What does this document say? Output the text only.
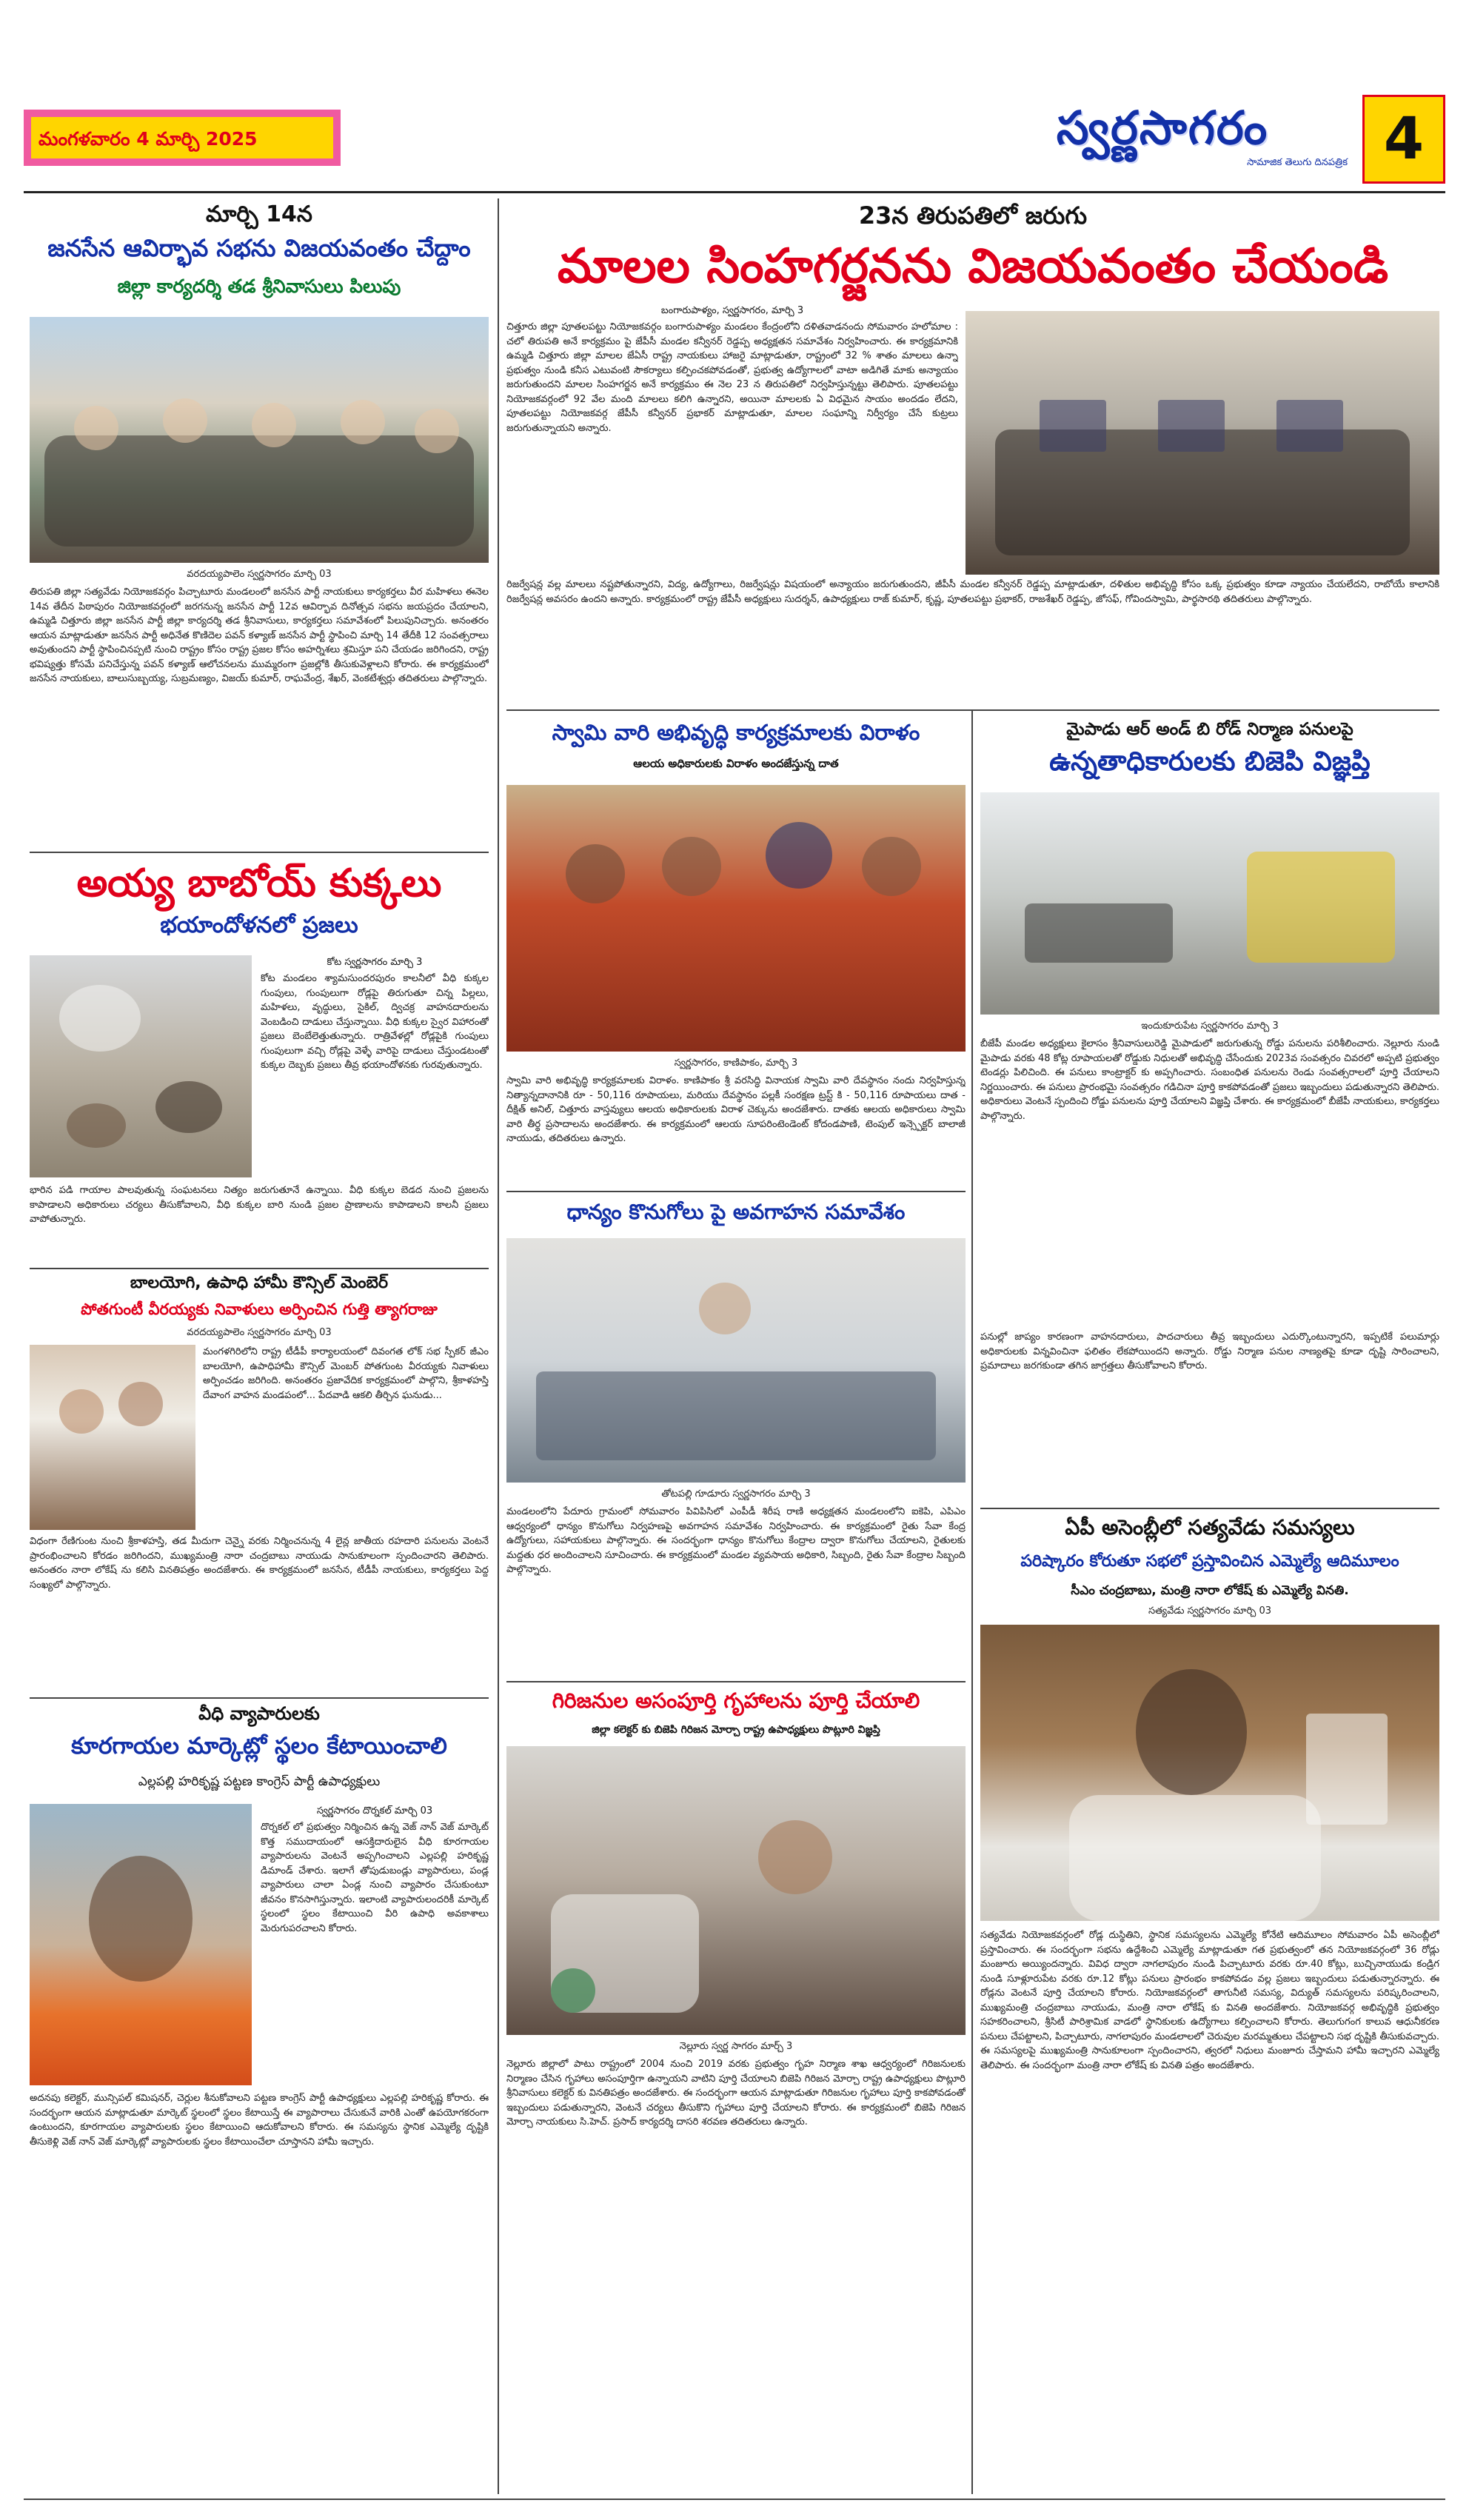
మంగళవారం 4 మార్చి 2025	స్వర్ణసాగరం
సామాజిక తెలుగు దినపత్రిక 4
మార్చి 14న
జనసేన ఆవిర్భావ సభను విజయవంతం చేద్దాం
జిల్లా కార్యదర్శి తడ శ్రీనివాసులు పిలుపు
వరదయ్యపాలెం స్వర్ణసాగరం మార్చి 03
తిరుపతి జిల్లా సత్యవేడు నియోజకవర్గం పిచ్చాటూరు మండలంలో జనసేన పార్టీ నాయకులు కార్యకర్తలు వీర మహిళలు ఈనెల 14వ తేదీన పిఠాపురం నియోజకవర్గంలో జరగనున్న జనసేన పార్టీ 12వ ఆవిర్భావ దినోత్సవ సభను జయప్రదం చేయాలని, ఉమ్మడి చిత్తూరు జిల్లా జనసేన పార్టీ జిల్లా కార్యదర్శి తడ శ్రీనివాసులు, కార్యకర్తలు సమావేశంలో పిలుపునిచ్చారు. అనంతరం ఆయన మాట్లాడుతూ జనసేన పార్టీ అధినేత కొణిదెల పవన్ కళ్యాణ్ జనసేన పార్టీ స్థాపించి మార్చి 14 తేదీకి 12 సంవత్సరాలు అవుతుందని పార్టీ స్థాపించినప్పటి నుంచి రాష్ట్రం కోసం రాష్ట్ర ప్రజల కోసం అహర్నిశలు శ్రమిస్తూ పని చేయడం జరిగిందని, రాష్ట్ర భవిష్యత్తు కోసమే పనిచేస్తున్న పవన్ కళ్యాణ్ ఆలోచనలను ముమ్మరంగా ప్రజల్లోకి తీసుకువెళ్లాలని కోరారు. ఈ కార్యక్రమంలో జనసేన నాయకులు, బాలుసుబ్బయ్య, సుబ్రమణ్యం, విజయ్ కుమార్, రాఘవేంద్ర, శేఖర్, వెంకటేశ్వర్లు తదితరులు పాల్గొన్నారు.
అయ్య బాబోయ్ కుక్కలు
భయాందోళనలో ప్రజలు
కోట స్వర్ణసాగరం మార్చి 3
కోట మండలం శ్యామసుందరపురం కాలనీలో వీధి కుక్కల గుంపులు, గుంపులుగా రోడ్లపై తిరుగుతూ చిన్న పిల్లలు, మహిళలు, వృద్ధులు, సైకిల్, ద్విచక్ర వాహనదారులను వెంబడించి దాడులు చేస్తున్నాయి. వీధి కుక్కల స్వైర విహారంతో ప్రజలు బెంబేలెత్తుతున్నారు. రాత్రివేళల్లో రోడ్లపైకి గుంపులు గుంపులుగా వచ్చి రోడ్లపై వెళ్ళే వారిపై దాడులు చేస్తుండటంతో కుక్కల దెబ్బకు ప్రజలు తీవ్ర భయాందోళనకు గురవుతున్నారు.
భారిన పడి గాయాల పాలవుతున్న సంఘటనలు నిత్యం జరుగుతూనే ఉన్నాయి. వీధి కుక్కల బెడద నుంచి ప్రజలను కాపాడాలని అధికారులు చర్యలు తీసుకోవాలని, వీధి కుక్కల బారి నుండి ప్రజల ప్రాణాలను కాపాడాలని కాలనీ ప్రజలు వాపోతున్నారు.
బాలయోగి, ఉపాధి హామీ కౌన్సిల్ మెంబెర్
పోతగుంటీ వీరయ్యకు నివాళులు అర్పించిన గుత్తి త్యాగరాజు
వరదయ్యపాలెం స్వర్ణసాగరం మార్చి 03
మంగళగిరిలోని రాష్ట్ర టీడీపీ కార్యాలయంలో దివంగత లోక్ సభ స్పీకర్ జీఎం బాలయోగి, ఉపాధిహామీ కౌన్సిల్ మెంబర్ పోతగుంట వీరయ్యకు నివాళులు అర్పించడం జరిగింది. అనంతరం ప్రజావేదిక కార్యక్రమంలో పాల్గొని, శ్రీకాళహస్తి దేవాంగ వాహన మండపంలో... పేదవాడి ఆకలి తీర్చిన ఘనుడు...
విధంగా రేణిగుంట నుంచి శ్రీకాళహస్తి, తడ మీదుగా చెన్నై వరకు నిర్మించనున్న 4 లైన్ల జాతీయ రహదారి పనులను వెంటనే ప్రారంభించాలని కోరడం జరిగిందని, ముఖ్యమంత్రి నారా చంద్రబాబు నాయుడు సానుకూలంగా స్పందించారని తెలిపారు. అనంతరం నారా లోకేష్ ను కలిసి వినతిపత్రం అందజేశారు. ఈ కార్యక్రమంలో జనసేన, టీడీపీ నాయకులు, కార్యకర్తలు పెద్ద సంఖ్యలో పాల్గొన్నారు.
వీధి వ్యాపారులకు
కూరగాయల మార్కెట్లో స్థలం కేటాయించాలి
ఎల్లపల్లి హరికృష్ణ పట్టణ కాంగ్రెస్ పార్టీ ఉపాధ్యక్షులు
స్వర్ణసాగరం దొర్నకల్ మార్చి 03
దొర్నకల్ లో ప్రభుత్వం నిర్మించిన ఉన్న వెజ్ నాన్ వెజ్ మార్కెట్ కొత్త సముదాయంలో ఆసక్తిదారులైన వీధి కూరగాయల వ్యాపారులను వెంటనే అప్పగించాలని ఎల్లపల్లి హరికృష్ణ డిమాండ్ చేశారు. ఇలాగే తోపుడుబండ్లు వ్యాపారులు, పండ్ల వ్యాపారులు చాలా ఏండ్ల నుంచి వ్యాపారం చేసుకుంటూ జీవనం కొనసాగిస్తున్నారు. ఇలాంటి వ్యాపారులందరికీ మార్కెట్ స్థలంలో స్థలం కేటాయించి వీరి ఉపాధి అవకాశాలు మెరుగుపరచాలని కోరారు.
అదనపు కలెక్టర్, మున్సిపల్ కమిషనర్, చెర్లుల శీనుకోవాలని పట్టణ కాంగ్రెస్ పార్టీ ఉపాధ్యక్షులు ఎల్లపల్లి హరికృష్ణ కోరారు. ఈ సందర్భంగా ఆయన మాట్లాడుతూ మార్కెట్ స్థలంలో స్థలం కేటాయిస్తే ఈ వ్యాపారాలు చేసుకునే వారికి ఎంతో ఉపయోగకరంగా ఉంటుందని, కూరగాయల వ్యాపారులకు స్థలం కేటాయించి ఆదుకోవాలని కోరారు. ఈ సమస్యను స్థానిక ఎమ్మెల్యే దృష్టికి తీసుకెళ్లి వెజ్ నాన్ వెజ్ మార్కెట్లో వ్యాపారులకు స్థలం కేటాయించేలా చూస్తానని హామీ ఇచ్చారు.
23న తిరుపతిలో జరుగు
మాలల సింహగర్జనను విజయవంతం చేయండి
బంగారుపాళ్యం, స్వర్ణసాగరం, మార్చి 3
చిత్తూరు జిల్లా పూతలపట్టు నియోజకవర్గం బంగారుపాళ్యం మండలం కేంద్రంలోని దళితవాడనందు సోమవారం హలోమాల : చలో తిరుపతి అనే కార్యక్రమం పై జేపీసీ మండల కన్వీనర్ రెడ్డప్ప అధ్యక్షతన సమావేశం నిర్వహించారు. ఈ కార్యక్రమానికి ఉమ్మడి చిత్తూరు జిల్లా మాలల జేఏసీ రాష్ట్ర నాయకులు హాజరై మాట్లాడుతూ, రాష్ట్రంలో 32 % శాతం మాలలు ఉన్నా ప్రభుత్వం నుండి కనీస ఎటువంటి సౌకర్యాలు కల్పించకపోవడంతో, ప్రభుత్వ ఉద్యోగాలలో వాటా అడిగితే మాకు అన్యాయం జరుగుతుందని మాలల సింహగర్జన అనే కార్యక్రమం ఈ నెల 23 న తిరుపతిలో నిర్వహిస్తున్నట్టు తెలిపారు. పూతలపట్టు నియోజకవర్గంలో 92 వేల మంది మాలలు కలిగి ఉన్నారని, అయినా మాలలకు ఏ విధమైన సాయం అందడం లేదని, పూతలపట్టు నియోజకవర్గ జేపీసీ కన్వీనర్ ప్రభాకర్ మాట్లాడుతూ, మాలల సంఘాన్ని నిర్వీర్యం చేసే కుట్రలు జరుగుతున్నాయని అన్నారు.
రిజర్వేషన్ల వల్ల మాలలు నష్టపోతున్నారని, విద్య, ఉద్యోగాలు, రిజర్వేషన్లు విషయంలో అన్యాయం జరుగుతుందని, జీపీసీ మండల కన్వీనర్ రెడ్డప్ప మాట్లాడుతూ, దళితుల అభివృద్ధి కోసం ఒక్క ప్రభుత్వం కూడా న్యాయం చేయలేదని, రాబోయే కాలానికి రిజర్వేషన్ల అవసరం ఉందని అన్నారు. కార్యక్రమంలో రాష్ట్ర జేపీసీ అధ్యక్షులు సుదర్శన్, ఉపాధ్యక్షులు రాజ్ కుమార్, కృష్ణ, పూతలపట్టు ప్రభాకర్, రాజశేఖర్ రెడ్డప్ప, జోసఫ్, గోవిందస్వామి, పార్థసారథి తదితరులు పాల్గొన్నారు.
స్వామి వారి అభివృద్ధి కార్యక్రమాలకు విరాళం
ఆలయ అధికారులకు విరాళం అందజేస్తున్న దాత
స్వర్ణసాగరం, కాణిపాకం, మార్చి 3
స్వామి వారి అభివృద్ధి కార్యక్రమాలకు విరాళం. కాణిపాకం శ్రీ వరసిద్ధి వినాయక స్వామి వారి దేవస్థానం నందు నిర్వహిస్తున్న నిత్యాన్నదానానికి రూ - 50,116 రూపాయలు, మరియు దేవస్థానం పల్లకీ సంరక్షణ ట్రస్ట్ కి - 50,116 రూపాయలు దాత - దీక్షిత్ అనిల్, చిత్తూరు వాస్తవ్యులు ఆలయ అధికారులకు విరాళ చెక్కును అందజేశారు. దాతకు ఆలయ అధికారులు స్వామి వారి తీర్థ ప్రసాదాలను అందజేశారు. ఈ కార్యక్రమంలో ఆలయ సూపరింటెండెంట్ కోదండపాణి, టెంపుల్ ఇన్స్పెక్టర్ బాలాజీ నాయుడు, తదితరులు ఉన్నారు.
ధాన్యం కొనుగోలు పై అవగాహన సమావేశం
తోటపల్లి గూడూరు స్వర్ణసాగరం మార్చి 3
మండలంలోని పేదూరు గ్రామంలో సోమవారం పివిపిసిలో ఎంపీడీ శిరీష రాణి అధ్యక్షతన మండలంలోని ఐకెపి, ఎపిఎం ఆధ్వర్యంలో ధాన్యం కొనుగోలు నిర్వహణపై అవగాహన సమావేశం నిర్వహించారు. ఈ కార్యక్రమంలో రైతు సేవా కేంద్ర ఉద్యోగులు, సహాయకులు పాల్గొన్నారు. ఈ సందర్భంగా ధాన్యం కొనుగోలు కేంద్రాల ద్వారా కొనుగోలు చేయాలని, రైతులకు మద్దతు ధర అందించాలని సూచించారు. ఈ కార్యక్రమంలో మండల వ్యవసాయ అధికారి, సిబ్బంది, రైతు సేవా కేంద్రాల సిబ్బంది పాల్గొన్నారు.
గిరిజనుల అసంపూర్తి గృహాలను పూర్తి చేయాలి
జిల్లా కలెక్టర్ కు బిజెపి గిరిజన మోర్చా రాష్ట్ర ఉపాధ్యక్షులు పొట్లూరి విజ్ఞప్తి
నెల్లూరు స్వర్ణ సాగరం మార్చ్ 3
నెల్లూరు జిల్లాలో పాటు రాష్ట్రంలో 2004 నుంచి 2019 వరకు ప్రభుత్వం గృహ నిర్మాణ శాఖ ఆధ్వర్యంలో గిరిజనులకు నిర్మాణం చేసిన గృహాలు అసంపూర్తిగా ఉన్నాయని వాటిని పూర్తి చేయాలని బిజెపి గిరిజన మోర్చా రాష్ట్ర ఉపాధ్యక్షులు పొట్లూరి శ్రీనివాసులు కలెక్టర్ కు వినతిపత్రం అందజేశారు. ఈ సందర్భంగా ఆయన మాట్లాడుతూ గిరిజనుల గృహాలు పూర్తి కాకపోవడంతో ఇబ్బందులు పడుతున్నారని, వెంటనే చర్యలు తీసుకొని గృహాలు పూర్తి చేయాలని కోరారు. ఈ కార్యక్రమంలో బిజెపి గిరిజన మోర్చా నాయకులు సి.హెచ్. ప్రసాద్ కార్యదర్శి దాసరి శరవణ తదితరులు ఉన్నారు.
మైపాడు ఆర్ అండ్ బి రోడ్ నిర్మాణ పనులపై
ఉన్నతాధికారులకు బిజెపి విజ్ఞప్తి
ఇందుకూరుపేట స్వర్ణసాగరం మార్చి 3
బీజేపీ మండల అధ్యక్షులు కైలాసం శ్రీనివాసులురెడ్డి మైపాడులో జరుగుతున్న రోడ్డు పనులను పరిశీలించారు. నెల్లూరు నుండి మైపాడు వరకు 48 కోట్ల రూపాయలతో రోడ్డుకు నిధులతో అభివృద్ధి చేసేందుకు 2023వ సంవత్సరం చివరలో అప్పటి ప్రభుత్వం టెండర్లు పిలిచింది. ఈ పనులు కాంట్రాక్టర్ కు అప్పగించారు. సంబంధిత పనులను రెండు సంవత్సరాలలో పూర్తి చేయాలని నిర్ణయించారు. ఈ పనులు ప్రారంభమై సంవత్సరం గడిచినా పూర్తి కాకపోవడంతో ప్రజలు ఇబ్బందులు పడుతున్నారని తెలిపారు. అధికారులు వెంటనే స్పందించి రోడ్డు పనులను పూర్తి చేయాలని విజ్ఞప్తి చేశారు. ఈ కార్యక్రమంలో బీజేపీ నాయకులు, కార్యకర్తలు పాల్గొన్నారు.
పనుల్లో జాప్యం కారణంగా వాహనదారులు, పాదచారులు తీవ్ర ఇబ్బందులు ఎదుర్కొంటున్నారని, ఇప్పటికే పలుమార్లు అధికారులకు విన్నవించినా ఫలితం లేకపోయిందని అన్నారు. రోడ్డు నిర్మాణ పనుల నాణ్యతపై కూడా దృష్టి సారించాలని, ప్రమాదాలు జరగకుండా తగిన జాగ్రత్తలు తీసుకోవాలని కోరారు.
ఏపీ అసెంబ్లీలో సత్యవేడు సమస్యలు
పరిష్కారం కోరుతూ సభలో ప్రస్తావించిన ఎమ్మెల్యే ఆదిమూలం
సీఎం చంద్రబాబు, మంత్రి నారా లోకేష్ కు ఎమ్మెల్యే వినతి.
సత్యవేడు స్వర్ణసాగరం మార్చి 03
సత్యవేడు నియోజకవర్గంలో రోడ్ల దుస్థితిని, స్థానిక సమస్యలను ఎమ్మెల్యే కోనేటి ఆదిమూలం సోమవారం ఏపీ అసెంబ్లీలో ప్రస్తావించారు. ఈ సందర్భంగా సభను ఉద్దేశించి ఎమ్మెల్యే మాట్లాడుతూ గత ప్రభుత్వంలో తన నియోజకవర్గంలో 36 రోడ్లు మంజూరు అయ్యిందన్నారు. వివిధ ద్వారా నాగలాపురం నుండి పిచ్చాటూరు వరకు రూ.40 కోట్లు, బుచ్చినాయుడు కండ్రిగ నుండి సూళ్లూరుపేట వరకు రూ.12 కోట్లు పనులు ప్రారంభం కాకపోవడం వల్ల ప్రజలు ఇబ్బందులు పడుతున్నారన్నారు. ఈ రోడ్లను వెంటనే పూర్తి చేయాలని కోరారు. నియోజకవర్గంలో తాగునీటి సమస్య, విద్యుత్ సమస్యలను పరిష్కరించాలని, ముఖ్యమంత్రి చంద్రబాబు నాయుడు, మంత్రి నారా లోకేష్ కు వినతి అందజేశారు. నియోజకవర్గ అభివృద్ధికి ప్రభుత్వం సహకరించాలని, శ్రీసిటీ పారిశ్రామిక వాడలో స్థానికులకు ఉద్యోగాలు కల్పించాలని కోరారు. తెలుగుగంగ కాలువ ఆధునీకరణ పనులు చేపట్టాలని, పిచ్చాటూరు, నాగలాపురం మండలాలలో చెరువుల మరమ్మతులు చేపట్టాలని సభ దృష్టికి తీసుకువచ్చారు. ఈ సమస్యలపై ముఖ్యమంత్రి సానుకూలంగా స్పందించారని, త్వరలో నిధులు మంజూరు చేస్తామని హామీ ఇచ్చారని ఎమ్మెల్యే తెలిపారు. ఈ సందర్భంగా మంత్రి నారా లోకేష్ కు వినతి పత్రం అందజేశారు.
